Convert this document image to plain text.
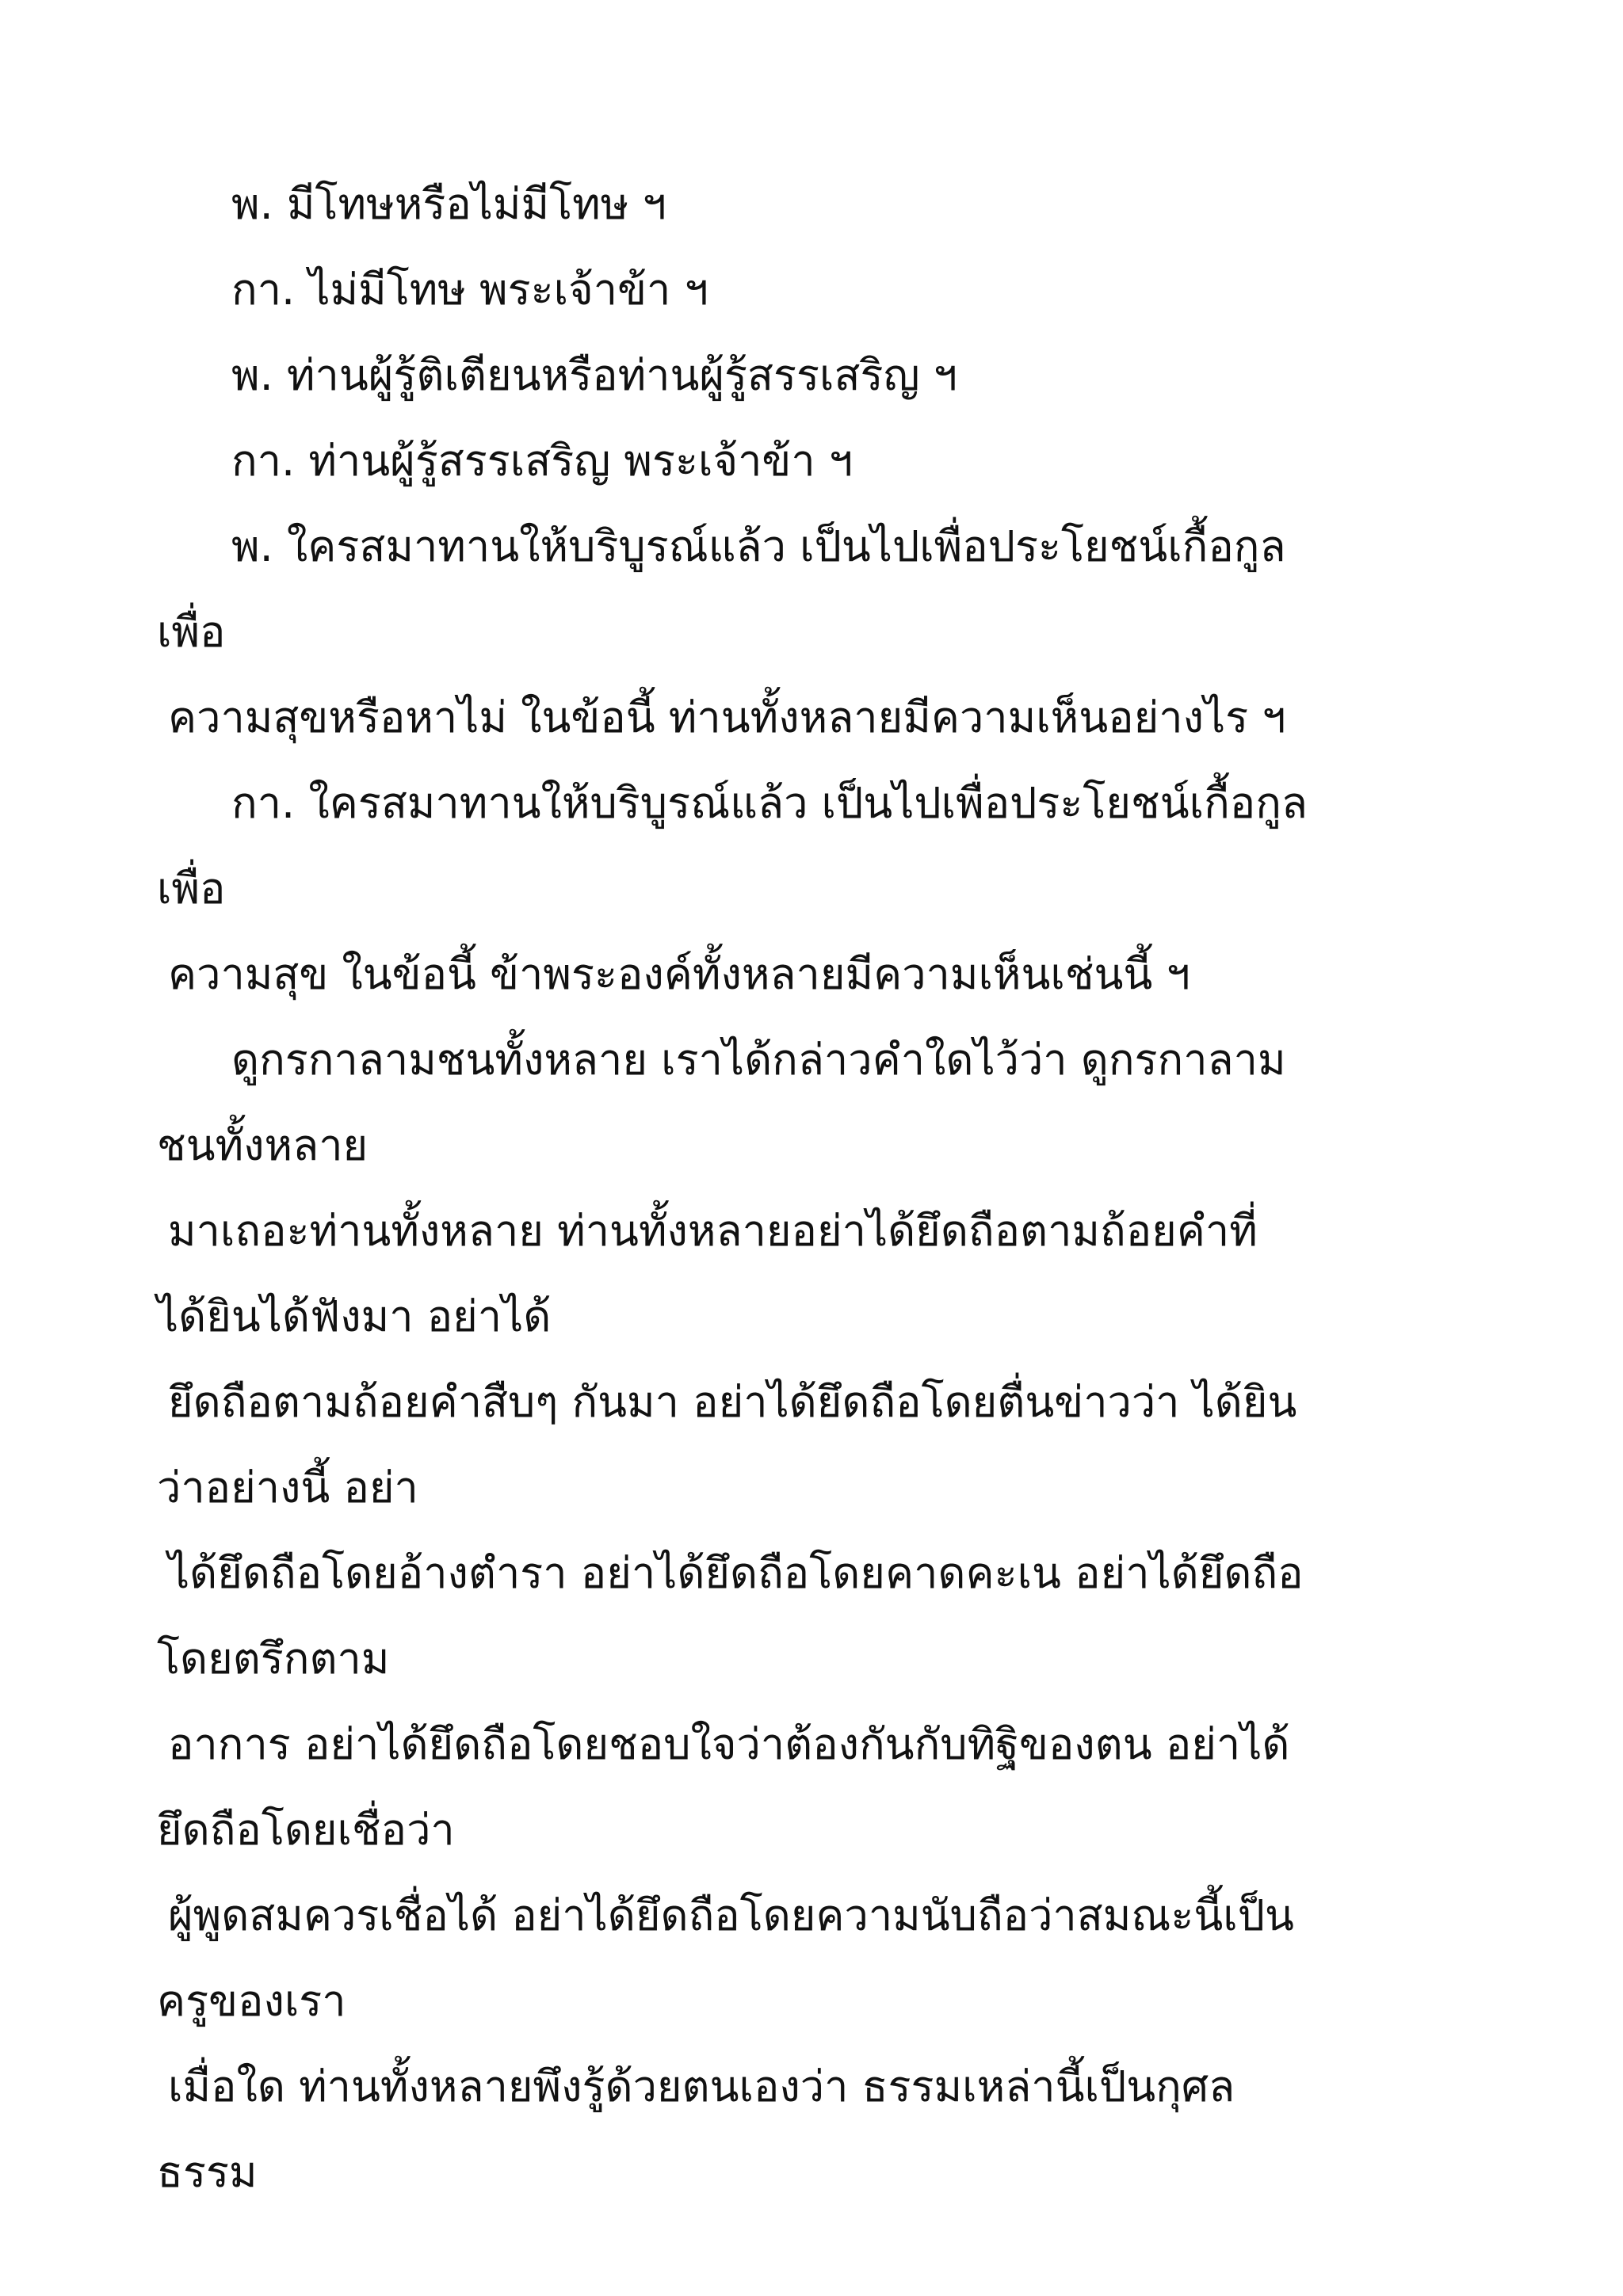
พ. มีโทษหรือไม่มีโทษ ฯ
กา. ไม่มีโทษ พระเจ้าข้า ฯ
พ. ท่านผู้รู้ติเตียนหรือท่านผู้รู้สรรเสริญ ฯ
กา. ท่านผู้รู้สรรเสริญ พระเจ้าข้า ฯ
พ. ใครสมาทานให้บริบูรณ์แล้ว เป็นไปเพื่อประโยชน์เกื้อกูล
เพื่อ
ความสุขหรือหาไม่ ในข้อนี้ ท่านทั้งหลายมีความเห็นอย่างไร ฯ
กา. ใครสมาทานให้บริบูรณ์แล้ว เป็นไปเพื่อประโยชน์เกื้อกูล
เพื่อ
ความสุข ในข้อนี้ ข้าพระองค์ทั้งหลายมีความเห็นเช่นนี้ ฯ
ดูกรกาลามชนทั้งหลาย เราได้กล่าวคำใดไว้ว่า ดูกรกาลาม
ชนทั้งหลาย
มาเถอะท่านทั้งหลาย ท่านทั้งหลายอย่าได้ยึดถือตามถ้อยคำที่
ได้ยินได้ฟังมา อย่าได้
ยึดถือตามถ้อยคำสืบๆ กันมา อย่าได้ยึดถือโดยตื่นข่าวว่า ได้ยิน
ว่าอย่างนี้ อย่า
ได้ยึดถือโดยอ้างตำรา อย่าได้ยึดถือโดยคาดคะเน อย่าได้ยึดถือ
โดยตรึกตาม
อาการ อย่าได้ยึดถือโดยชอบใจว่าต้องกันกับทิฐิของตน อย่าได้
ยึดถือโดยเชื่อว่า
ผู้พูดสมควรเชื่อได้ อย่าได้ยึดถือโดยความนับถือว่าสมณะนี้เป็น
ครูของเรา
เมื่อใด ท่านทั้งหลายพึงรู้ด้วยตนเองว่า ธรรมเหล่านี้เป็นกุศล
ธรรม
